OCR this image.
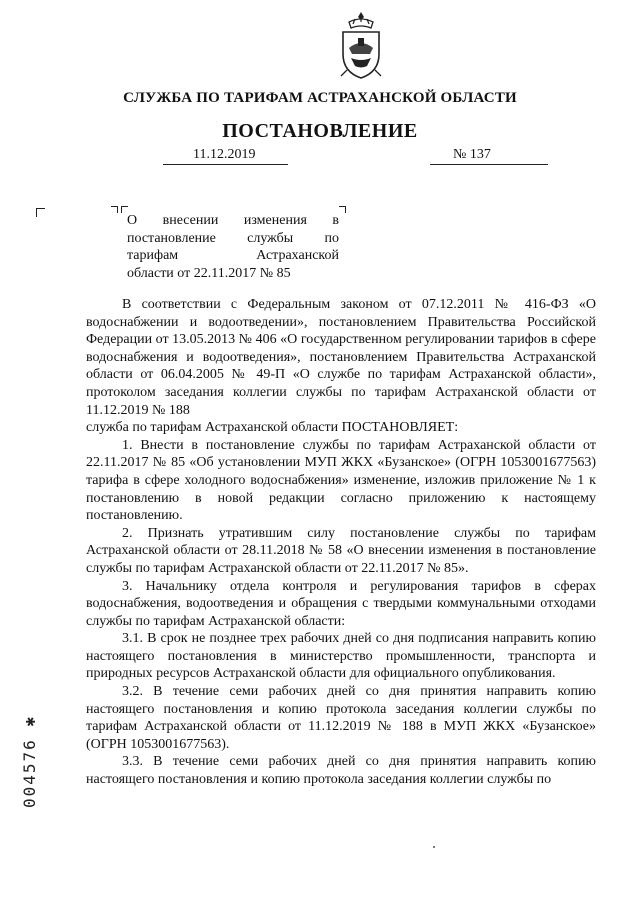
СЛУЖБА ПО ТАРИФАМ АСТРАХАНСКОЙ ОБЛАСТИ
ПОСТАНОВЛЕНИЕ
11.12.2019	№ 137
О внесении изменения в
постановление службы по
тарифам Астраханской
области от 22.11.2017 № 85

В соответствии с Федеральным законом от 07.12.2011 № 416-ФЗ «О водоснабжении и водоотведении», постановлением Правительства Российской Федерации от 13.05.2013 № 406 «О государственном регулировании тарифов в сфере водоснабжения и водоотведения», постановлением Правительства Астраханской области от 06.04.2005 № 49-П «О службе по тарифам Астраханской области», протоколом заседания коллегии службы по тарифам Астраханской области от 11.12.2019 № 188

служба по тарифам Астраханской области ПОСТАНОВЛЯЕТ:

1. Внести в постановление службы по тарифам Астраханской области от 22.11.2017 № 85 «Об установлении МУП ЖКХ «Бузанское» (ОГРН 1053001677563) тарифа в сфере холодного водоснабжения» изменение, изложив приложение № 1 к постановлению в новой редакции согласно приложению к настоящему постановлению.

2. Признать утратившим силу постановление службы по тарифам Астраханской области от 28.11.2018 № 58 «О внесении изменения в постановление службы по тарифам Астраханской области от 22.11.2017 № 85».

3. Начальнику отдела контроля и регулирования тарифов в сферах водоснабжения, водоотведения и обращения с твердыми коммунальными отходами службы по тарифам Астраханской области:

3.1. В срок не позднее трех рабочих дней со дня подписания направить копию настоящего постановления в министерство промышленности, транспорта и природных ресурсов Астраханской области для официального опубликования.

3.2. В течение семи рабочих дней со дня принятия направить копию настоящего постановления и копию протокола заседания коллегии службы по тарифам Астраханской области от 11.12.2019 № 188 в МУП ЖКХ «Бузанское» (ОГРН 1053001677563).

3.3. В течение семи рабочих дней со дня принятия направить копию настоящего постановления и копию протокола заседания коллегии службы по

004576 ✱
